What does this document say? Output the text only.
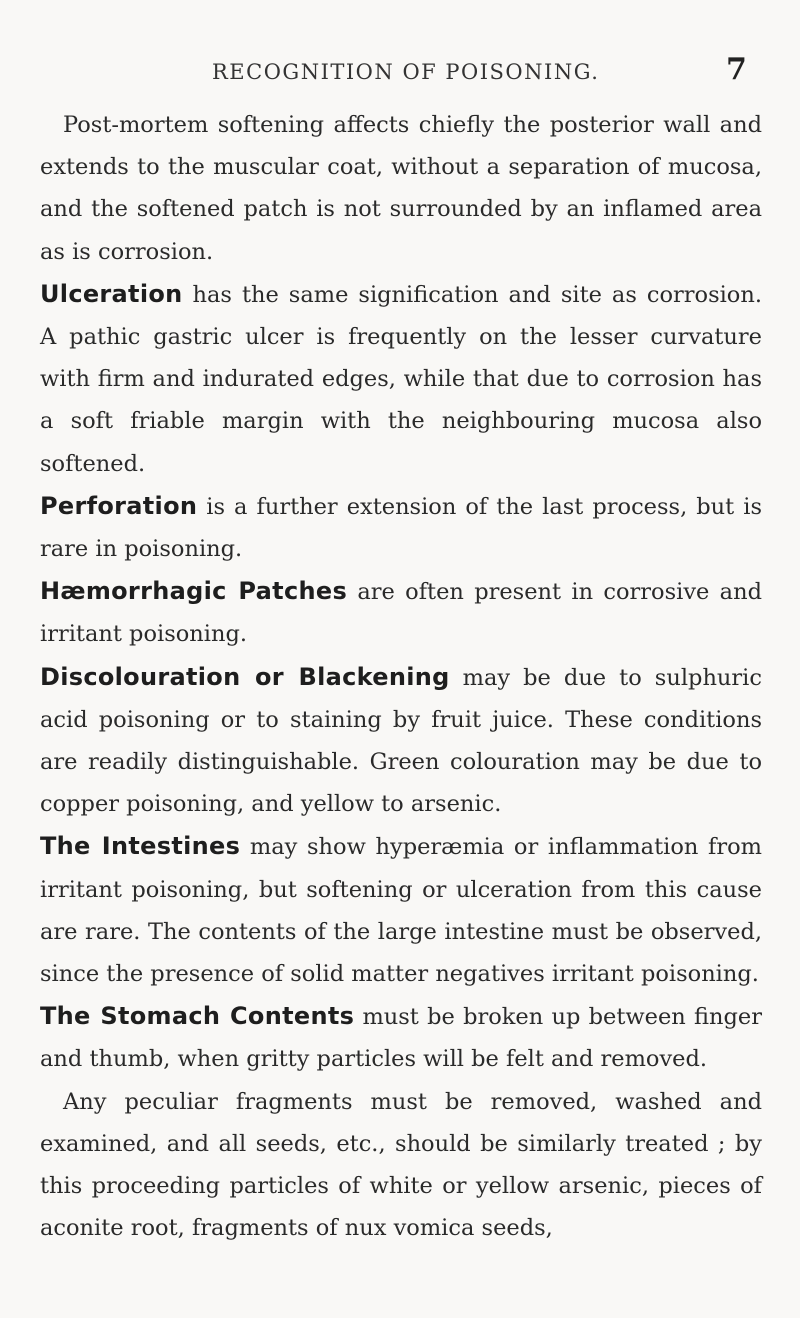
RECOGNITION OF POISONING.	7

Post-mortem softening affects chiefly the posterior wall and extends to the muscular coat, without a separation of mucosa, and the softened patch is not surrounded by an inflamed area as is corrosion.

Ulceration has the same signification and site as corrosion. A pathic gastric ulcer is frequently on the lesser curvature with firm and indurated edges, while that due to corrosion has a soft friable margin with the neighbouring mucosa also softened.

Perforation is a further extension of the last process, but is rare in poisoning.

Hæmorrhagic Patches are often present in corrosive and irritant poisoning.

Discolouration or Blackening may be due to sulphuric acid poisoning or to staining by fruit juice. These conditions are readily distinguishable. Green colouration may be due to copper poisoning, and yellow to arsenic.

The Intestines may show hyperæmia or inflammation from irritant poisoning, but softening or ulceration from this cause are rare. The contents of the large intestine must be observed, since the presence of solid matter negatives irritant poisoning.

The Stomach Contents must be broken up between finger and thumb, when gritty particles will be felt and removed.

Any peculiar fragments must be removed, washed and examined, and all seeds, etc., should be similarly treated ; by this proceeding particles of white or yellow arsenic, pieces of aconite root, fragments of nux vomica seeds,
